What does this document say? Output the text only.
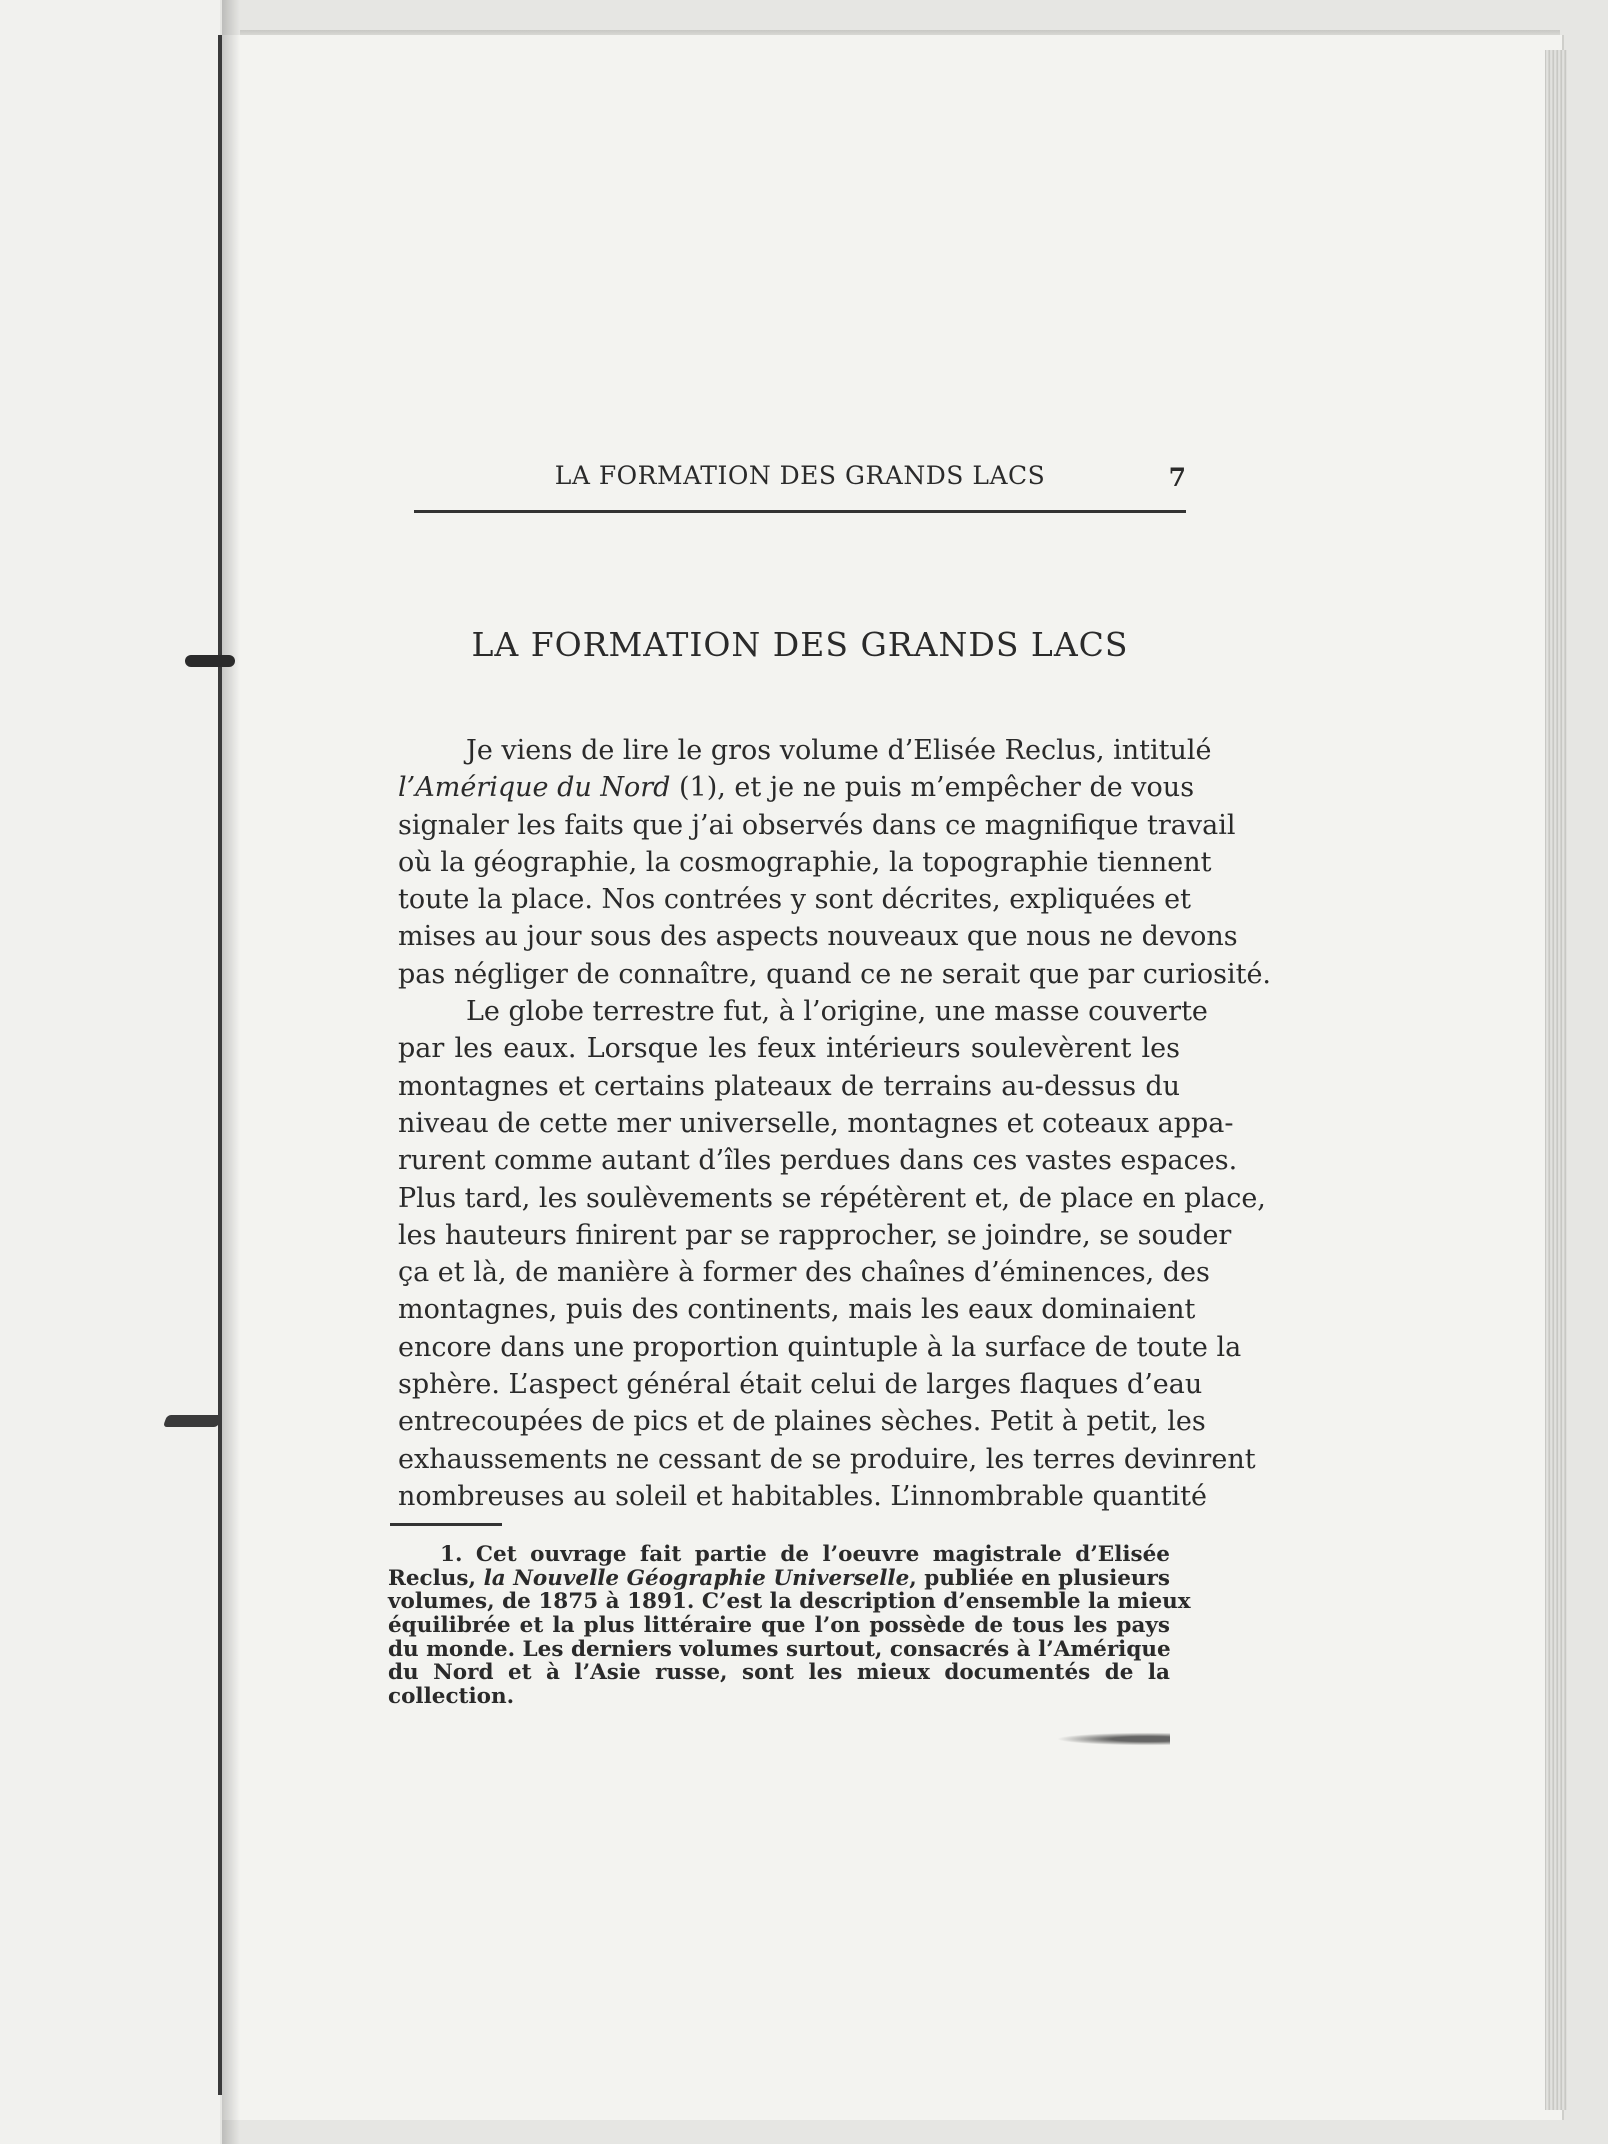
LA FORMATION DES GRANDS LACS	7
LA FORMATION DES GRANDS LACS
Je viens de lire le gros volume d’Elisée Reclus, intitulé
l’Amérique du Nord (1), et je ne puis m’empêcher de vous
signaler les faits que j’ai observés dans ce magnifique travail
où la géographie, la cosmographie, la topographie tiennent
toute la place. Nos contrées y sont décrites, expliquées et
mises au jour sous des aspects nouveaux que nous ne devons
pas négliger de connaître, quand ce ne serait que par curiosité.
Le globe terrestre fut, à l’origine, une masse couverte
par les eaux. Lorsque les feux intérieurs soulevèrent les
montagnes et certains plateaux de terrains au-dessus du
niveau de cette mer universelle, montagnes et coteaux appa-
rurent comme autant d’îles perdues dans ces vastes espaces.
Plus tard, les soulèvements se répétèrent et, de place en place,
les hauteurs finirent par se rapprocher, se joindre, se souder
ça et là, de manière à former des chaînes d’éminences, des
montagnes, puis des continents, mais les eaux dominaient
encore dans une proportion quintuple à la surface de toute la
sphère. L’aspect général était celui de larges flaques d’eau
entrecoupées de pics et de plaines sèches. Petit à petit, les
exhaussements ne cessant de se produire, les terres devinrent
nombreuses au soleil et habitables. L’innombrable quantité
1. Cet ouvrage fait partie de l’oeuvre magistrale d’Elisée
Reclus, la Nouvelle Géographie Universelle, publiée en plusieurs
volumes, de 1875 à 1891. C’est la description d’ensemble la mieux
équilibrée et la plus littéraire que l’on possède de tous les pays
du monde. Les derniers volumes surtout, consacrés à l’Amérique
du Nord et à l’Asie russe, sont les mieux documentés de la
collection.
